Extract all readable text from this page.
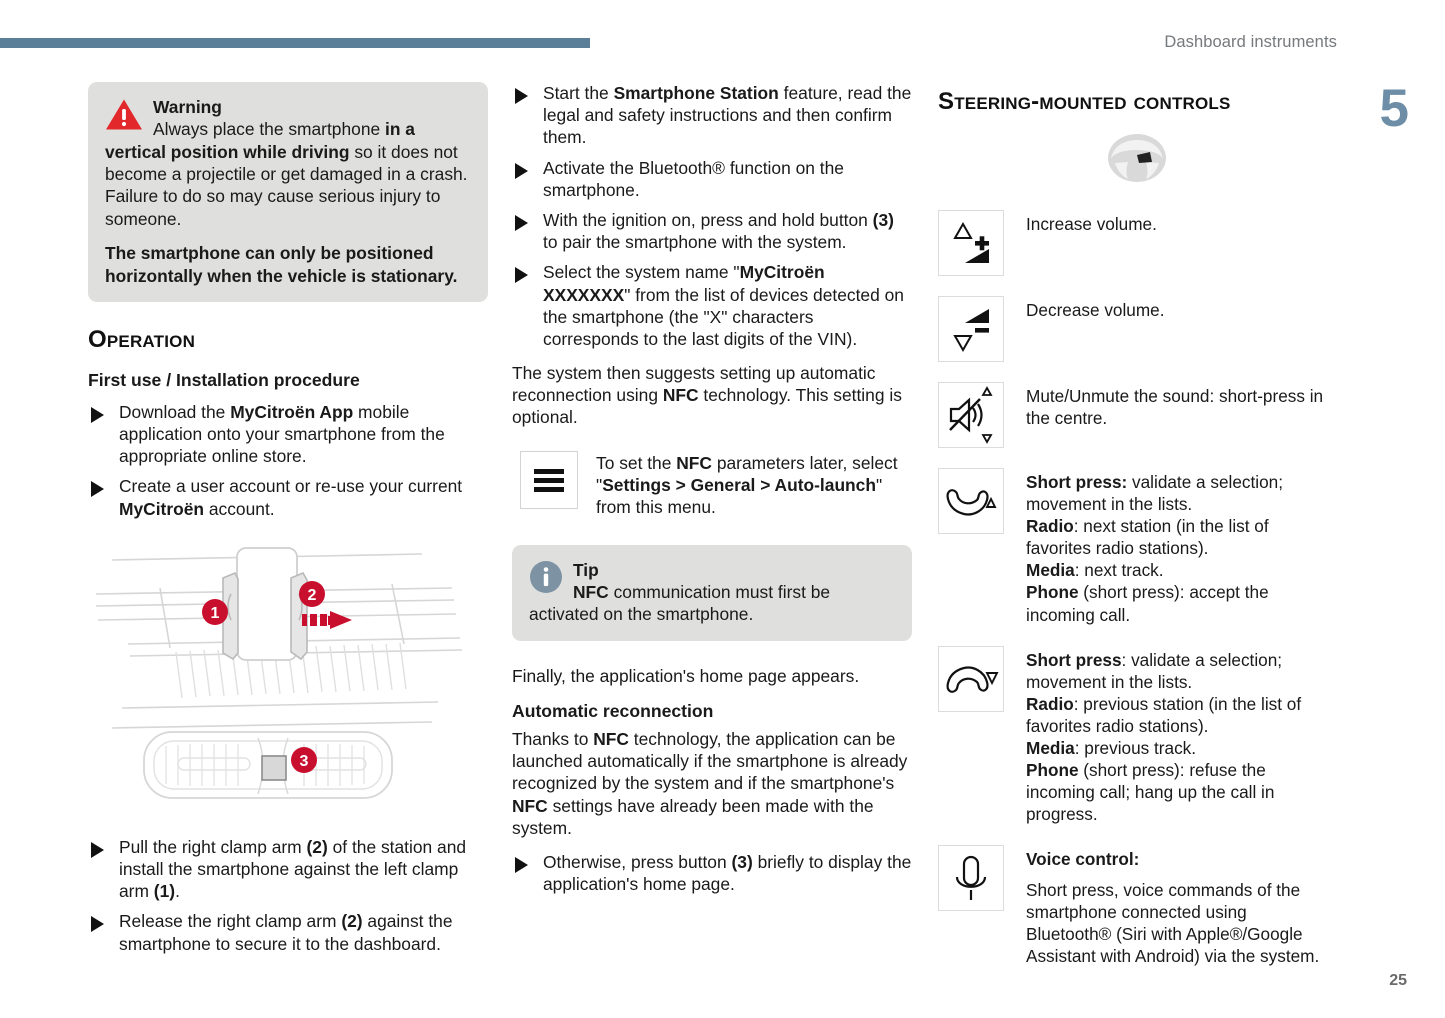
Dashboard instruments
5
Warning
Always place the smartphone in a vertical position while driving so it does not become a projectile or get damaged in a crash. Failure to do so may cause serious injury to someone.
The smartphone can only be positioned horizontally when the vehicle is stationary.
Operation
First use / Installation procedure
Download the MyCitroën App mobile application onto your smartphone from the appropriate online store.
Create a user account or re-use your current MyCitroën account.
1
2
3
Pull the right clamp arm (2) of the station and install the smartphone against the left clamp arm (1).
Release the right clamp arm (2) against the smartphone to secure it to the dashboard.
Start the Smartphone Station feature, read the legal and safety instructions and then confirm them.
Activate the Bluetooth® function on the smartphone.
With the ignition on, press and hold button (3) to pair the smartphone with the system.
Select the system name "MyCitroën XXXXXXX" from the list of devices detected on the smartphone (the "X" characters corresponds to the last digits of the VIN).

The system then suggests setting up automatic reconnection using NFC technology. This setting is optional.

To set the NFC parameters later, select "Settings > General > Auto-launch" from this menu.
Tip
NFC communication must first be activated on the smartphone.

Finally, the application's home page appears.

Automatic reconnection

Thanks to NFC technology, the application can be launched automatically if the smartphone is already recognized by the system and if the smartphone's NFC settings have already been made with the system.

Otherwise, press button (3) briefly to display the application's home page.
Steering-mounted controls
Increase volume.
Decrease volume.
Mute/Unmute the sound: short-press in the centre.
Short press: validate a selection; movement in the lists.
Radio: next station (in the list of favorites radio stations).
Media: next track.
Phone (short press): accept the incoming call.
Short press: validate a selection; movement in the lists.
Radio: previous station (in the list of favorites radio stations).
Media: previous track.
Phone (short press): refuse the incoming call; hang up the call in progress.
Voice control:
Short press, voice commands of the smartphone connected using Bluetooth® (Siri with Apple®/Google Assistant with Android) via the system.
25
